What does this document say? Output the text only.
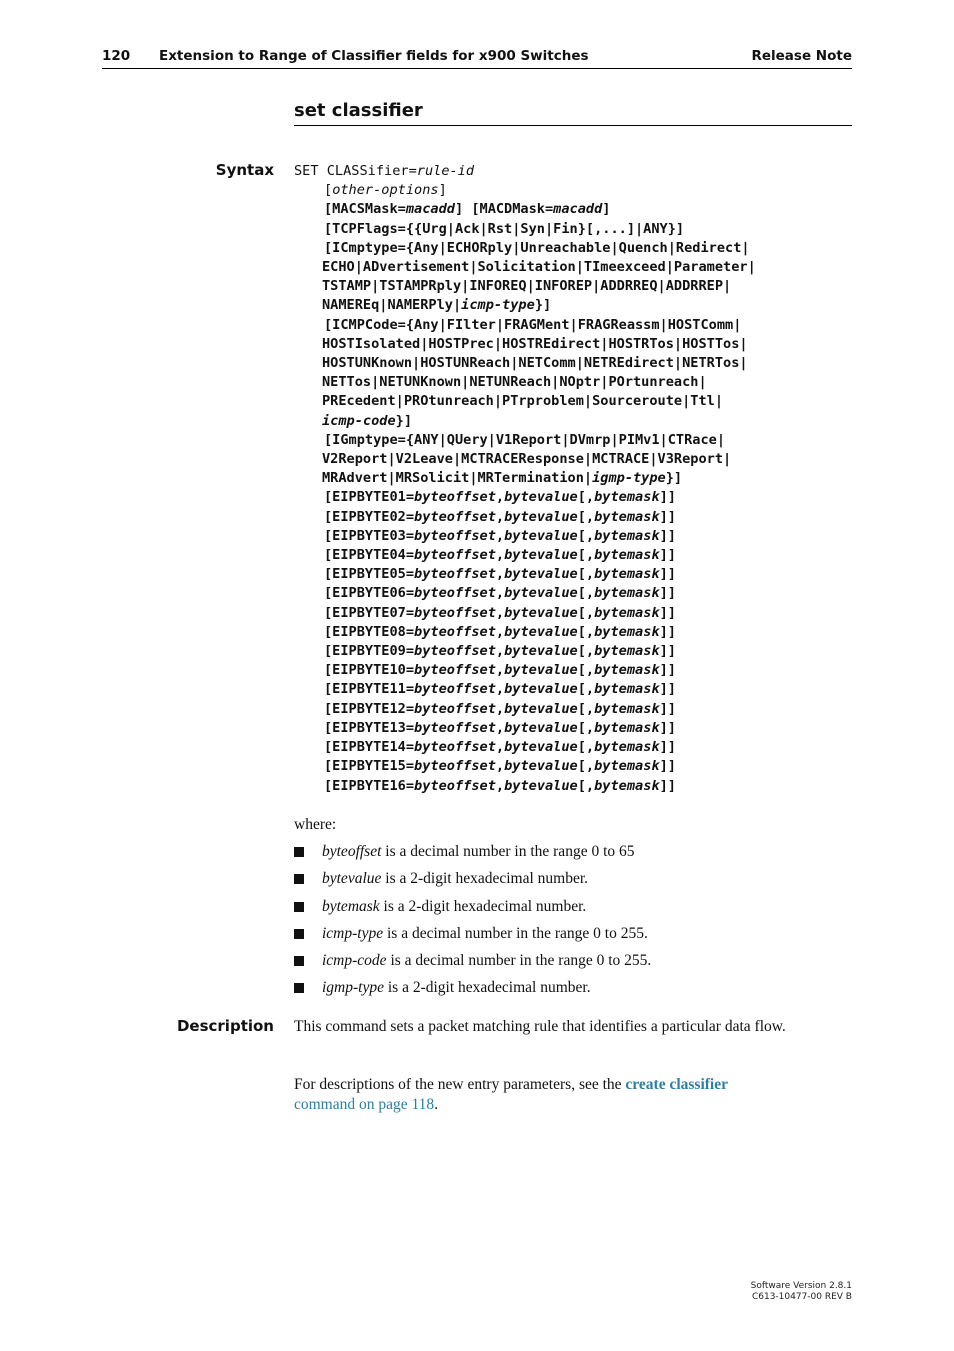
120 Extension to Range of Classifier fields for x900 Switches	Release Note
set classifier
Syntax SET CLASSifier=rule-id
[other-options]
[MACSMask=macadd] [MACDMask=macadd]
[TCPFlags={{Urg|Ack|Rst|Syn|Fin}[,...]|ANY}]
[ICmptype={Any|ECHORply|Unreachable|Quench|Redirect|
ECHO|ADvertisement|Solicitation|TImeexceed|Parameter|
TSTAMP|TSTAMPRply|INFOREQ|INFOREP|ADDRREQ|ADDRREP|
NAMEREq|NAMERPly|icmp-type}]
[ICMPCode={Any|FIlter|FRAGMent|FRAGReassm|HOSTComm|
HOSTIsolated|HOSTPrec|HOSTREdirect|HOSTRTos|HOSTTos|
HOSTUNKnown|HOSTUNReach|NETComm|NETREdirect|NETRTos|
NETTos|NETUNKnown|NETUNReach|NOptr|POrtunreach|
PREcedent|PROtunreach|PTrproblem|Sourceroute|Ttl|
icmp-code}]
[IGmptype={ANY|QUery|V1Report|DVmrp|PIMv1|CTRace|
V2Report|V2Leave|MCTRACEResponse|MCTRACE|V3Report|
MRAdvert|MRSolicit|MRTermination|igmp-type}]
[EIPBYTE01=byteoffset,bytevalue[,bytemask]]
[EIPBYTE02=byteoffset,bytevalue[,bytemask]]
[EIPBYTE03=byteoffset,bytevalue[,bytemask]]
[EIPBYTE04=byteoffset,bytevalue[,bytemask]]
[EIPBYTE05=byteoffset,bytevalue[,bytemask]]
[EIPBYTE06=byteoffset,bytevalue[,bytemask]]
[EIPBYTE07=byteoffset,bytevalue[,bytemask]]
[EIPBYTE08=byteoffset,bytevalue[,bytemask]]
[EIPBYTE09=byteoffset,bytevalue[,bytemask]]
[EIPBYTE10=byteoffset,bytevalue[,bytemask]]
[EIPBYTE11=byteoffset,bytevalue[,bytemask]]
[EIPBYTE12=byteoffset,bytevalue[,bytemask]]
[EIPBYTE13=byteoffset,bytevalue[,bytemask]]
[EIPBYTE14=byteoffset,bytevalue[,bytemask]]
[EIPBYTE15=byteoffset,bytevalue[,bytemask]]
[EIPBYTE16=byteoffset,bytevalue[,bytemask]]
where:
byteoffset is a decimal number in the range 0 to 65
bytevalue is a 2-digit hexadecimal number.
bytemask is a 2-digit hexadecimal number.
icmp-type is a decimal number in the range 0 to 255.
icmp-code is a decimal number in the range 0 to 255.
igmp-type is a 2-digit hexadecimal number.
Description This command sets a packet matching rule that identifies a particular data flow.
For descriptions of the new entry parameters, see the create classifier
command on page 118.
Software Version 2.8.1
C613-10477-00 REV B
